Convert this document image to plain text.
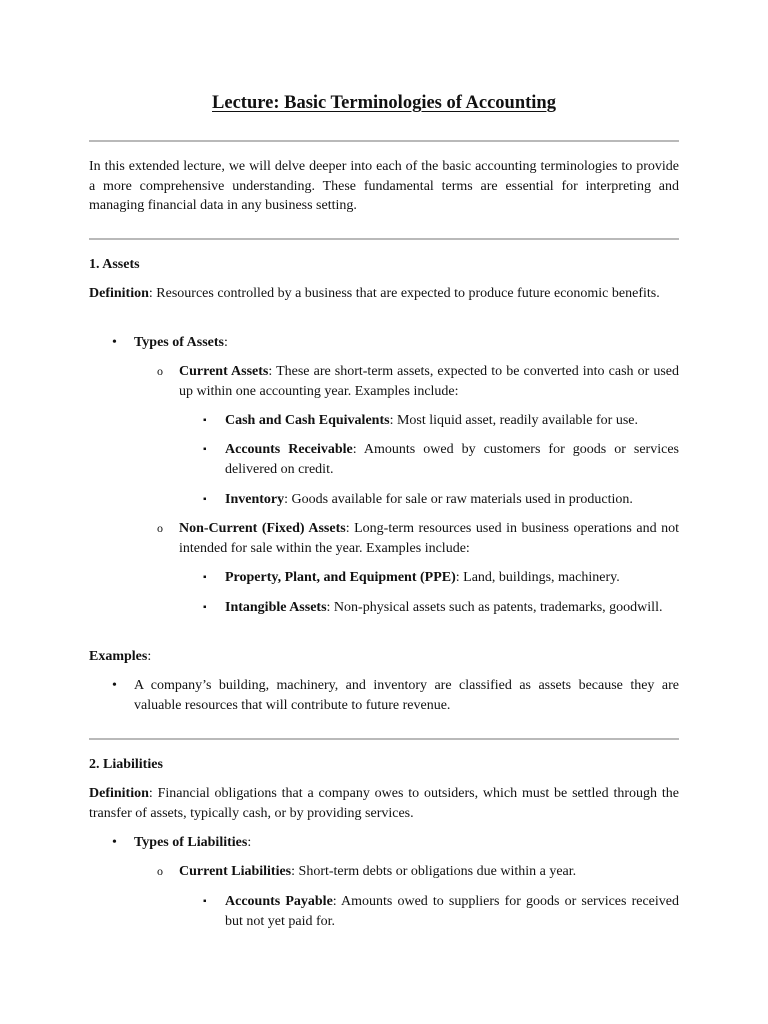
Lecture: Basic Terminologies of Accounting

In this extended lecture, we will delve deeper into each of the basic accounting terminologies to provide a more comprehensive understanding. These fundamental terms are essential for interpreting and managing financial data in any business setting.

1. Assets

Definition: Resources controlled by a business that are expected to produce future economic benefits.

• Types of Assets:

o Current Assets: These are short-term assets, expected to be converted into cash or used up within one accounting year. Examples include:

▪ Cash and Cash Equivalents: Most liquid asset, readily available for use.

▪ Accounts Receivable: Amounts owed by customers for goods or services delivered on credit.

▪ Inventory: Goods available for sale or raw materials used in production.

o Non-Current (Fixed) Assets: Long-term resources used in business operations and not intended for sale within the year. Examples include:

▪ Property, Plant, and Equipment (PPE): Land, buildings, machinery.

▪ Intangible Assets: Non-physical assets such as patents, trademarks, goodwill.

Examples:

• A company’s building, machinery, and inventory are classified as assets because they are valuable resources that will contribute to future revenue.

2. Liabilities

Definition: Financial obligations that a company owes to outsiders, which must be settled through the transfer of assets, typically cash, or by providing services.

• Types of Liabilities:

o Current Liabilities: Short-term debts or obligations due within a year.

▪ Accounts Payable: Amounts owed to suppliers for goods or services received but not yet paid for.
